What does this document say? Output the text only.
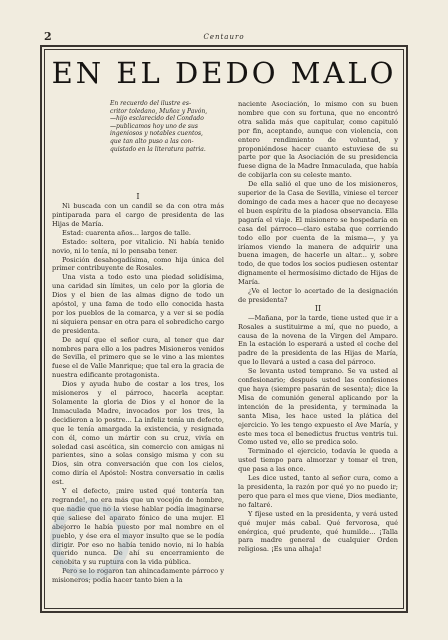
2	Centauro
EN EL DEDO MALO

En recuerdo del ilustre es-

critor toledano, Muñoz y Pavón,

—hijo esclarecido del Condado

—publicamos hoy uno de sus

ingeniosos y notables cuentos,

que tan alto puso a las con-

quistado en la literatura patria.

I

Ni buscada con un candil se da con otra más pintiparada para el cargo de presidenta de las Hijas de María.

Estad: cuarenta años... largos de talle.

Estado: soltera, por vitalicio. Ni había tenido novio, ni lo tenía, ni lo pensaba tener.

Posición desahogadísima, como hija única del primer contribuyente de Rosales.

Una vista a todo esto una piedad solidísima, una caridad sin límites, un celo por la gloria de Dios y el bien de las almas digno de todo un apóstol, y una fama de todo ello conocida hasta por los pueblos de la comarca, y a ver si se podía ni siquiera pensar en otra para el sobredicho cargo de presidenta.

De aquí que el señor cura, al tener que dar nombres para ello a los padres Misioneros venidos de Sevilla, el primero que se le vino a las mientes fuese el de Valle Manrique; que tal era la gracia de nuestra edificante protagonista.

Dios y ayuda hubo de costar a los tres, los misioneros y el párroco, hacerla aceptar. Solamente la gloria de Dios y el honor de la Inmaculada Madre, invocados por los tres, la decidieron a lo postre... La infeliz tenía un defecto, que le tenía amargada la existencia, y resignada con él, como un mártir con su cruz, vivía en soledad casi ascética, sin comercio con amigas ni parientes, sino a solas consigo misma y con su Dios, sin otra conversación que con los cielos, como diría el Apóstol: Nostra conversatio in cælis est.

Y el defecto, ¡mire usted qué tontería tan regrande!, no era más que un vocejón de hombre, que nadie que no la viese hablar podía imaginarse que saliese del aparato fónico de una mujer. El abejorro le había puesto por mal nombre en el pueblo, y ése era el mayor insulto que se le podía dirigir. Por eso no había tenido novio, ni lo había querido nunca. De ahí su encerramiento de cenobita y su ruptura con la vida pública.

Pero se lo rogaron tan ahincadamente párroco y misioneros; podía hacer tanto bien a la

naciente Asociación, lo mismo con su buen nombre que con su fortuna, que no encontró otra salida más que capitular, como capituló por fin, aceptando, aunque con violencia, con entero rendimiento de voluntad, y proponiéndose hacer cuanto estuviese de su parte por que la Asociación de su presidencia fuese digna de la Madre Inmaculada, que había de cobijarla con su celeste manto.

De ella salió el que uno de los misioneros, superior de la Casa de Sevilla, viniese el tercer domingo de cada mes a hacer que no decayese el buen espíritu de la piadosa observancia. Ella pagaría el viaje. El misionero se hospedaría en casa del párroco—claro estaba que corriendo todo ello por cuenta de la misma—, y ya iríamos viendo la manera de adquirir una buena imagen, de hacerle un altar... y, sobre todo, de que todos los socios pudiesen ostentar dignamente el hermosísimo dictado de Hijas de María.

¿Ve el lector lo acertado de la designación de presidenta?

II

—Mañana, por la tarde, tiene usted que ir a Rosales a sustituirme a mí, que no puedo, a causa de la novena de la Virgen del Amparo. En la estación lo esperará a usted el coche del padre de la presidenta de las Hijas de María, que lo llevará a usted a casa del párroco.

Se levanta usted temprano. Se va usted al confesionario; después usted las confesiones que haya (siempre pasarán de sesenta); dice la Misa de comunión general aplicando por la intención de la presidenta, y terminada la santa Misa, les hace usted la plática del ejercicio. Yo les tengo expuesto el Ave María, y este mes toca el benedictus fructus ventris tui. Como usted ve, ello se predica solo.

Terminado el ejercicio, todavía le queda a usted tiempo para almorzar y tomar el tren, que pasa a las once.

Les dice usted, tanto al señor cura, como a la presidenta, la razón por qué yo no puedo ir; pero que para el mes que viene, Dios mediante, no faltaré.

Y fíjese usted en la presidenta, y verá usted qué mujer más cabal. Qué fervorosa, qué enérgica, qué prudente, qué humilde... ¡Talla para madre general de cualquier Orden religiosa. ¡Es una alhaja!
